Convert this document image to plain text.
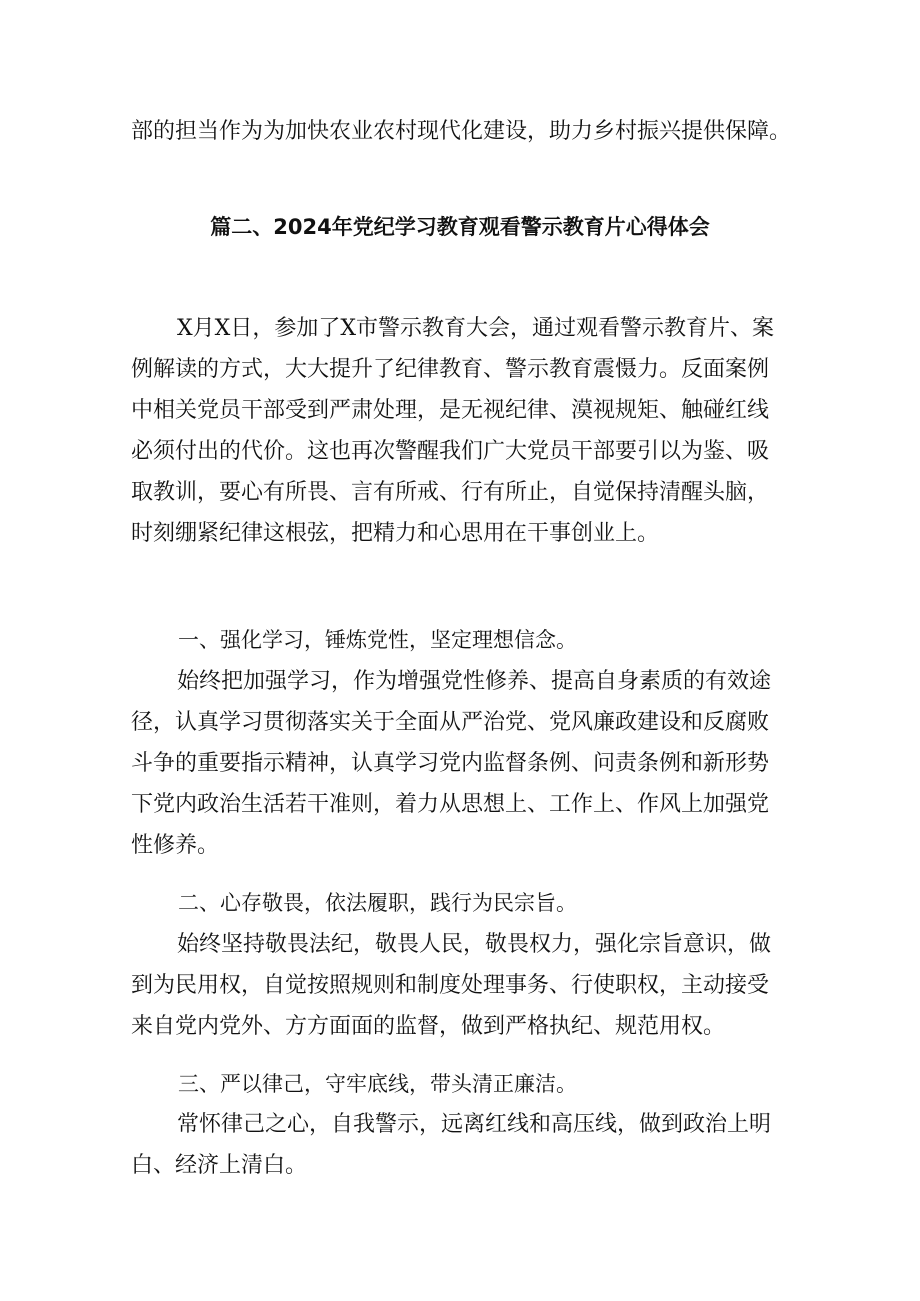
部的担当作为为加快农业农村现代化建设，助力乡村振兴提供保障。
篇二、2024年党纪学习教育观看警示教育片心得体会
X月X日，参加了X市警示教育大会，通过观看警示教育片、案
例解读的方式，大大提升了纪律教育、警示教育震慑力。反面案例
中相关党员干部受到严肃处理，是无视纪律、漠视规矩、触碰红线
必须付出的代价。这也再次警醒我们广大党员干部要引以为鉴、吸
取教训，要心有所畏、言有所戒、行有所止，自觉保持清醒头脑，
时刻绷紧纪律这根弦，把精力和心思用在干事创业上。
一、强化学习，锤炼党性，坚定理想信念。
始终把加强学习，作为增强党性修养、提高自身素质的有效途
径，认真学习贯彻落实关于全面从严治党、党风廉政建设和反腐败
斗争的重要指示精神，认真学习党内监督条例、问责条例和新形势
下党内政治生活若干准则，着力从思想上、工作上、作风上加强党
性修养。
二、心存敬畏，依法履职，践行为民宗旨。
始终坚持敬畏法纪，敬畏人民，敬畏权力，强化宗旨意识，做
到为民用权，自觉按照规则和制度处理事务、行使职权，主动接受
来自党内党外、方方面面的监督，做到严格执纪、规范用权。
三、严以律己，守牢底线，带头清正廉洁。
常怀律己之心，自我警示，远离红线和高压线，做到政治上明
白、经济上清白。
